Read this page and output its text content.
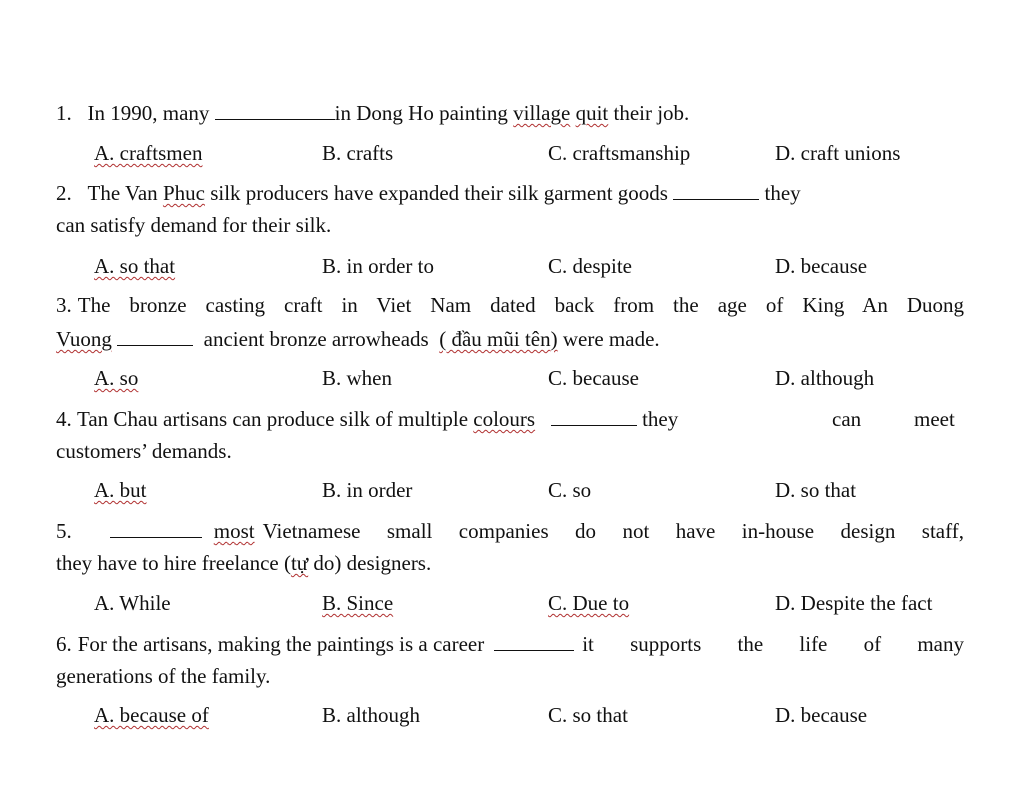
1. In 1990, many	in Dong Ho painting village quit their job.
A. craftsmen	B. crafts	C. craftsmanship	D. craft unions
2. The Van Phuc silk producers have expanded their silk garment goods	they
can satisfy demand for their silk.
A. so that	B. in order to	C. despite	D. because
3. The bronze casting craft in Viet Nam dated back from the age of King An Duong
Vuong	ancient bronze arrowheads ( đầu mũi tên) were made.
A. so	B. when	C. because	D. although
4. Tan Chau artisans can produce silk of multiple colours	they	can	meet
customers’ demands.
A. but	B. in order	C. so	D. so that
5.	most Vietnamese small companies do not have in-house design staff,
they have to hire freelance (tự do) designers.
A. While	B. Since	C. Due to	D. Despite the fact
6. For the artisans, making the paintings is a career	it supports the life of many
generations of the family.
A. because of	B. although	C. so that	D. because
